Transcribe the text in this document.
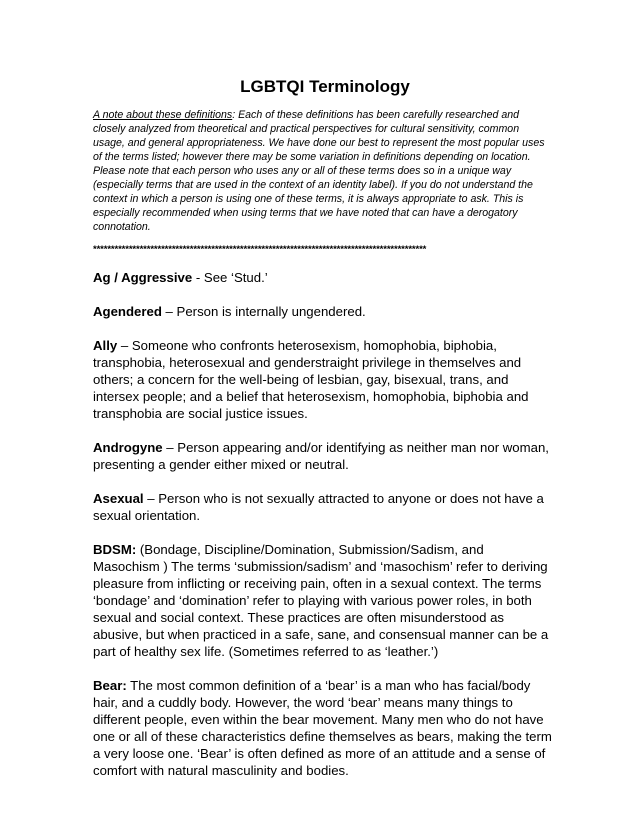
LGBTQI Terminology

A note about these definitions: Each of these definitions has been carefully researched and closely analyzed from theoretical and practical perspectives for cultural sensitivity, common usage, and general appropriateness. We have done our best to represent the most popular uses of the terms listed; however there may be some variation in definitions depending on location. Please note that each person who uses any or all of these terms does so in a unique way (especially terms that are used in the context of an identity label). If you do not understand the context in which a person is using one of these terms, it is always appropriate to ask. This is especially recommended when using terms that we have noted that can have a derogatory connotation.

*********************************************************************************************

Ag / Aggressive - See ‘Stud.’

Agendered – Person is internally ungendered.

Ally – Someone who confronts heterosexism, homophobia, biphobia, transphobia, heterosexual and genderstraight privilege in themselves and others; a concern for the well-being of lesbian, gay, bisexual, trans, and intersex people; and a belief that heterosexism, homophobia, biphobia and transphobia are social justice issues.

Androgyne – Person appearing and/or identifying as neither man nor woman, presenting a gender either mixed or neutral.

Asexual – Person who is not sexually attracted to anyone or does not have a sexual orientation.

BDSM: (Bondage, Discipline/Domination, Submission/Sadism, and Masochism ) The terms ‘submission/sadism’ and ‘masochism’ refer to deriving pleasure from inflicting or receiving pain, often in a sexual context. The terms ‘bondage’ and ‘domination’ refer to playing with various power roles, in both sexual and social context. These practices are often misunderstood as abusive, but when practiced in a safe, sane, and consensual manner can be a part of healthy sex life. (Sometimes referred to as ‘leather.’)

Bear: The most common definition of a ‘bear’ is a man who has facial/body hair, and a cuddly body. However, the word ‘bear’ means many things to different people, even within the bear movement. Many men who do not have one or all of these characteristics define themselves as bears, making the term a very loose one. ‘Bear’ is often defined as more of an attitude and a sense of comfort with natural masculinity and bodies.
